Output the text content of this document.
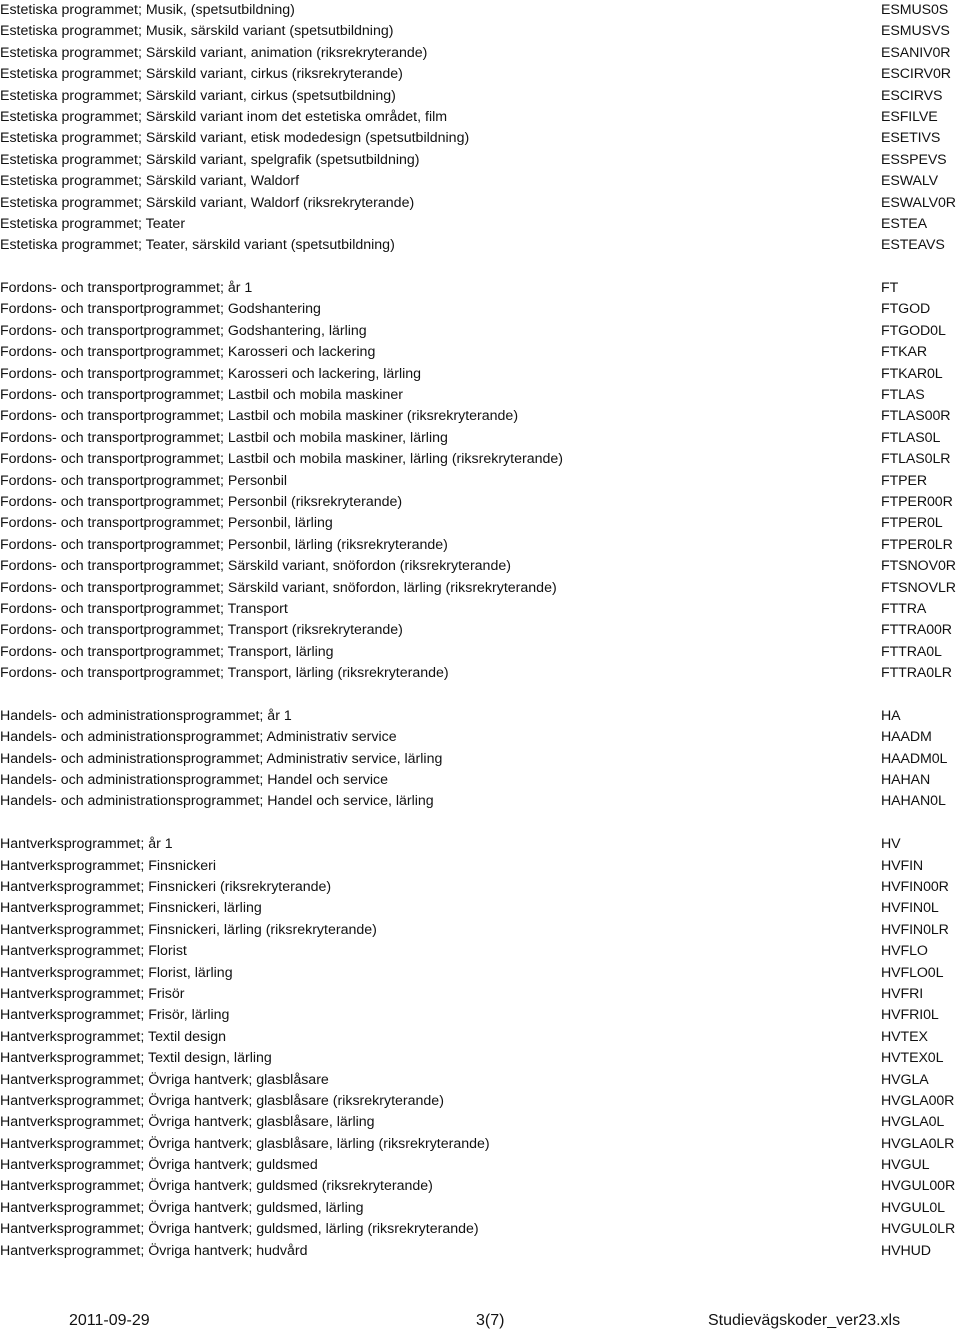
Estetiska programmet; Musik, (spetsutbildning)	ESMUS0S
Estetiska programmet; Musik, särskild variant (spetsutbildning)	ESMUSVS
Estetiska programmet; Särskild variant, animation (riksrekryterande)	ESANIV0R
Estetiska programmet; Särskild variant, cirkus (riksrekryterande)	ESCIRV0R
Estetiska programmet; Särskild variant, cirkus (spetsutbildning)	ESCIRVS
Estetiska programmet; Särskild variant inom det estetiska området, film	ESFILVE
Estetiska programmet; Särskild variant, etisk modedesign (spetsutbildning)	ESETIVS
Estetiska programmet; Särskild variant, spelgrafik (spetsutbildning)	ESSPEVS
Estetiska programmet; Särskild variant, Waldorf	ESWALV
Estetiska programmet; Särskild variant, Waldorf (riksrekryterande)	ESWALV0R
Estetiska programmet; Teater	ESTEA
Estetiska programmet; Teater, särskild variant (spetsutbildning)	ESTEAVS
Fordons- och transportprogrammet; år 1	FT
Fordons- och transportprogrammet; Godshantering	FTGOD
Fordons- och transportprogrammet; Godshantering, lärling	FTGOD0L
Fordons- och transportprogrammet; Karosseri och lackering	FTKAR
Fordons- och transportprogrammet; Karosseri och lackering, lärling	FTKAR0L
Fordons- och transportprogrammet; Lastbil och mobila maskiner	FTLAS
Fordons- och transportprogrammet; Lastbil och mobila maskiner (riksrekryterande)	FTLAS00R
Fordons- och transportprogrammet; Lastbil och mobila maskiner, lärling	FTLAS0L
Fordons- och transportprogrammet; Lastbil och mobila maskiner, lärling (riksrekryterande)	FTLAS0LR
Fordons- och transportprogrammet; Personbil	FTPER
Fordons- och transportprogrammet; Personbil (riksrekryterande)	FTPER00R
Fordons- och transportprogrammet; Personbil, lärling	FTPER0L
Fordons- och transportprogrammet; Personbil, lärling (riksrekryterande)	FTPER0LR
Fordons- och transportprogrammet; Särskild variant, snöfordon (riksrekryterande)	FTSNOV0R
Fordons- och transportprogrammet; Särskild variant, snöfordon, lärling (riksrekryterande)	FTSNOVLR
Fordons- och transportprogrammet; Transport	FTTRA
Fordons- och transportprogrammet; Transport (riksrekryterande)	FTTRA00R
Fordons- och transportprogrammet; Transport, lärling	FTTRA0L
Fordons- och transportprogrammet; Transport, lärling (riksrekryterande)	FTTRA0LR
Handels- och administrationsprogrammet; år 1	HA
Handels- och administrationsprogrammet; Administrativ service	HAADM
Handels- och administrationsprogrammet; Administrativ service, lärling	HAADM0L
Handels- och administrationsprogrammet; Handel och service	HAHAN
Handels- och administrationsprogrammet; Handel och service, lärling	HAHAN0L
Hantverksprogrammet; år 1	HV
Hantverksprogrammet; Finsnickeri	HVFIN
Hantverksprogrammet; Finsnickeri (riksrekryterande)	HVFIN00R
Hantverksprogrammet; Finsnickeri, lärling	HVFIN0L
Hantverksprogrammet; Finsnickeri, lärling (riksrekryterande)	HVFIN0LR
Hantverksprogrammet; Florist	HVFLO
Hantverksprogrammet; Florist, lärling	HVFLO0L
Hantverksprogrammet; Frisör	HVFRI
Hantverksprogrammet; Frisör, lärling	HVFRI0L
Hantverksprogrammet; Textil design	HVTEX
Hantverksprogrammet; Textil design, lärling	HVTEX0L
Hantverksprogrammet; Övriga hantverk; glasblåsare	HVGLA
Hantverksprogrammet; Övriga hantverk; glasblåsare (riksrekryterande)	HVGLA00R
Hantverksprogrammet; Övriga hantverk; glasblåsare, lärling	HVGLA0L
Hantverksprogrammet; Övriga hantverk; glasblåsare, lärling (riksrekryterande)	HVGLA0LR
Hantverksprogrammet; Övriga hantverk; guldsmed	HVGUL
Hantverksprogrammet; Övriga hantverk; guldsmed (riksrekryterande)	HVGUL00R
Hantverksprogrammet; Övriga hantverk; guldsmed, lärling	HVGUL0L
Hantverksprogrammet; Övriga hantverk; guldsmed, lärling (riksrekryterande)	HVGUL0LR
Hantverksprogrammet; Övriga hantverk; hudvård	HVHUD
2011-09-29	3(7)	Studievägskoder_ver23.xls
